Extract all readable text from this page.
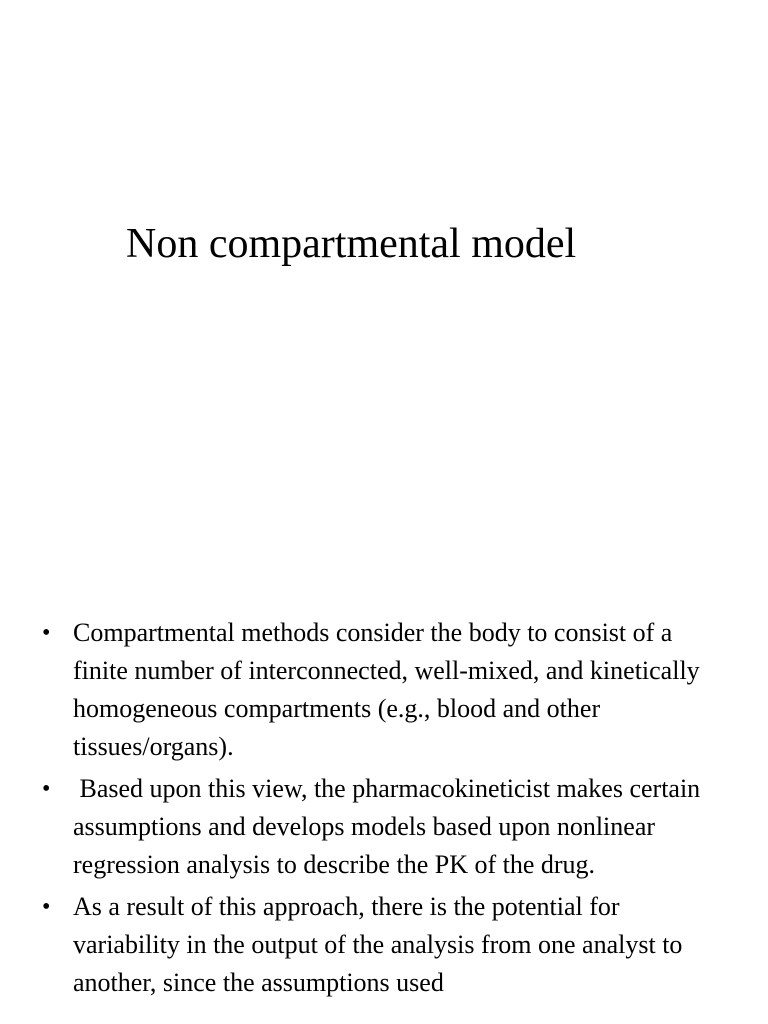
Non compartmental model
• Compartmental methods consider the body to consist of a finite number of interconnected, well-mixed, and kinetically homogeneous compartments (e.g., blood and other tissues/organs).
• Based upon this view, the pharmacokineticist makes certain assumptions and develops models based upon nonlinear regression analysis to describe the PK of the drug.
• As a result of this approach, there is the potential for variability in the output of the analysis from one analyst to another, since the assumptions used
